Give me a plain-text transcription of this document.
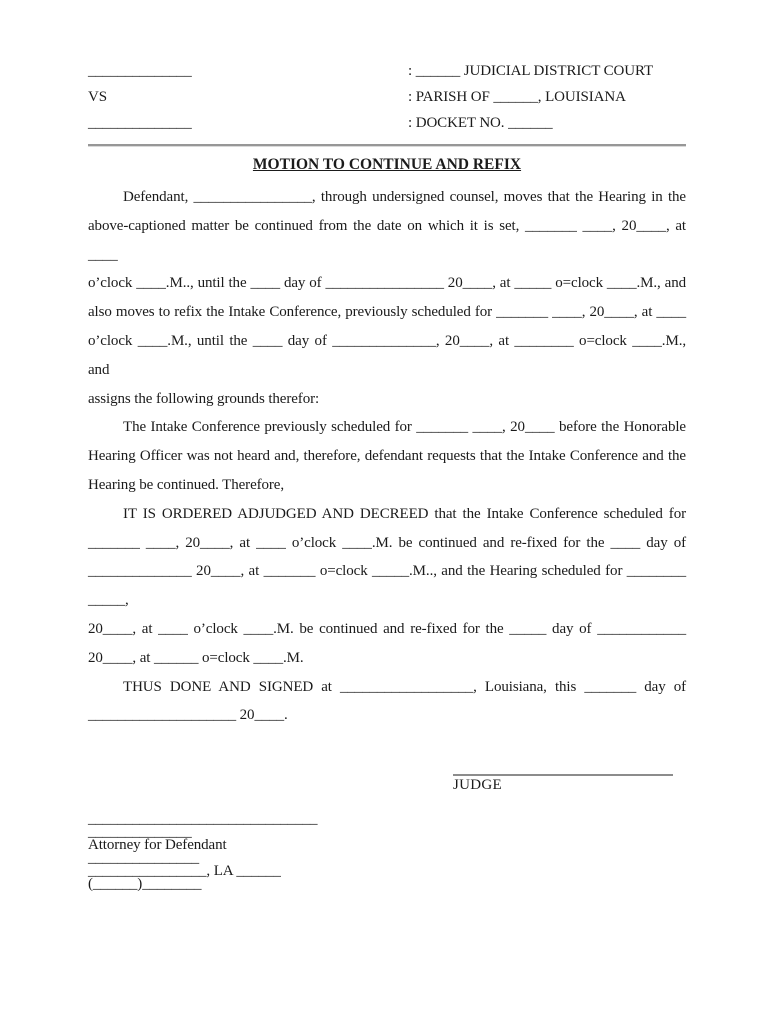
______________
VS
______________
: ______ JUDICIAL DISTRICT COURT
: PARISH OF ______, LOUISIANA
: DOCKET NO. ______
MOTION TO CONTINUE AND REFIX
Defendant, ________________, through undersigned counsel, moves that the Hearing in the
above-captioned matter be continued from the date on which it is set, _______ ____, 20____, at ____
o’clock ____.M.., until the ____ day of ________________ 20____, at _____ o=clock ____.M., and
also moves to refix the Intake Conference, previously scheduled for _______ ____, 20____, at ____
o’clock ____.M., until the ____ day of ______________, 20____, at ________ o=clock ____.M., and
assigns the following grounds therefor:
The Intake Conference previously scheduled for _______ ____, 20____ before the Honorable
Hearing Officer was not heard and, therefore, defendant requests that the Intake Conference and the
Hearing be continued. Therefore,
IT IS ORDERED ADJUDGED AND DECREED that the Intake Conference scheduled for
_______ ____, 20____, at ____ o’clock ____.M. be continued and re-fixed for the ____ day of
______________ 20____, at _______ o=clock _____.M.., and the Hearing scheduled for ________ _____,
20____, at ____ o’clock ____.M. be continued and re-fixed for the _____ day of ____________
20____, at ______ o=clock ____.M.
THUS DONE AND SIGNED at __________________, Louisiana, this _______ day of
____________________ 20____.
JUDGE
_______________________________
______________
Attorney for Defendant
_______________
________________, LA ______
(______)________
